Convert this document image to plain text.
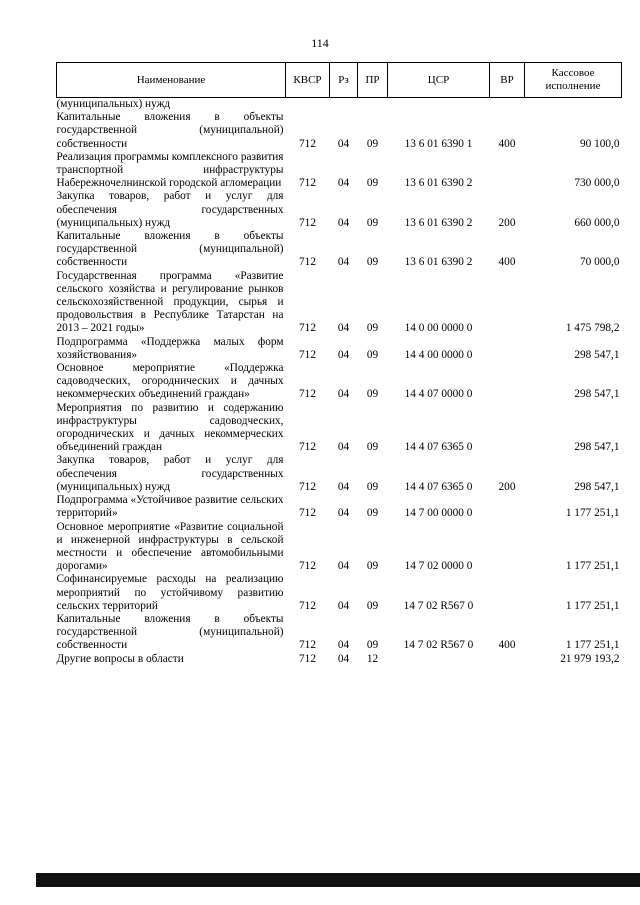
114
Наименование	КВСР	Рз	ПР	ЦСР	ВР	Кассовое исполнение
(муниципальных) нужд						
Капитальные вложения в объекты государственной (муниципальной) собственности	712	04	09	13 6 01 6390 1	400	90 100,0
Реализация программы комплексного развития транспортной инфраструктуры Набережночелнинской городской агломерации	712	04	09	13 6 01 6390 2		730 000,0
Закупка товаров, работ и услуг для обеспечения государственных (муниципальных) нужд	712	04	09	13 6 01 6390 2	200	660 000,0
Капитальные вложения в объекты государственной (муниципальной) собственности	712	04	09	13 6 01 6390 2	400	70 000,0
Государственная программа «Развитие сельского хозяйства и регулирование рынков сельскохозяйственной продукции, сырья и продовольствия в Республике Татарстан на 2013 – 2021 годы»	712	04	09	14 0 00 0000 0		1 475 798,2
Подпрограмма «Поддержка малых форм хозяйствования»	712	04	09	14 4 00 0000 0		298 547,1
Основное мероприятие «Поддержка садоводческих, огороднических и дачных некоммерческих объединений граждан»	712	04	09	14 4 07 0000 0		298 547,1
Мероприятия по развитию и содержанию инфраструктуры садоводческих, огороднических и дачных некоммерческих объединений граждан	712	04	09	14 4 07 6365 0		298 547,1
Закупка товаров, работ и услуг для обеспечения государственных (муниципальных) нужд	712	04	09	14 4 07 6365 0	200	298 547,1
Подпрограмма «Устойчивое развитие сельских территорий»	712	04	09	14 7 00 0000 0		1 177 251,1
Основное мероприятие «Развитие социальной и инженерной инфраструктуры в сельской местности и обеспечение автомобильными дорогами»	712	04	09	14 7 02 0000 0		1 177 251,1
Софинансируемые расходы на реализацию мероприятий по устойчивому развитию сельских территорий	712	04	09	14 7 02 R567 0		1 177 251,1
Капитальные вложения в объекты государственной (муниципальной) собственности	712	04	09	14 7 02 R567 0	400	1 177 251,1
Другие вопросы в области	712	04	12			21 979 193,2
